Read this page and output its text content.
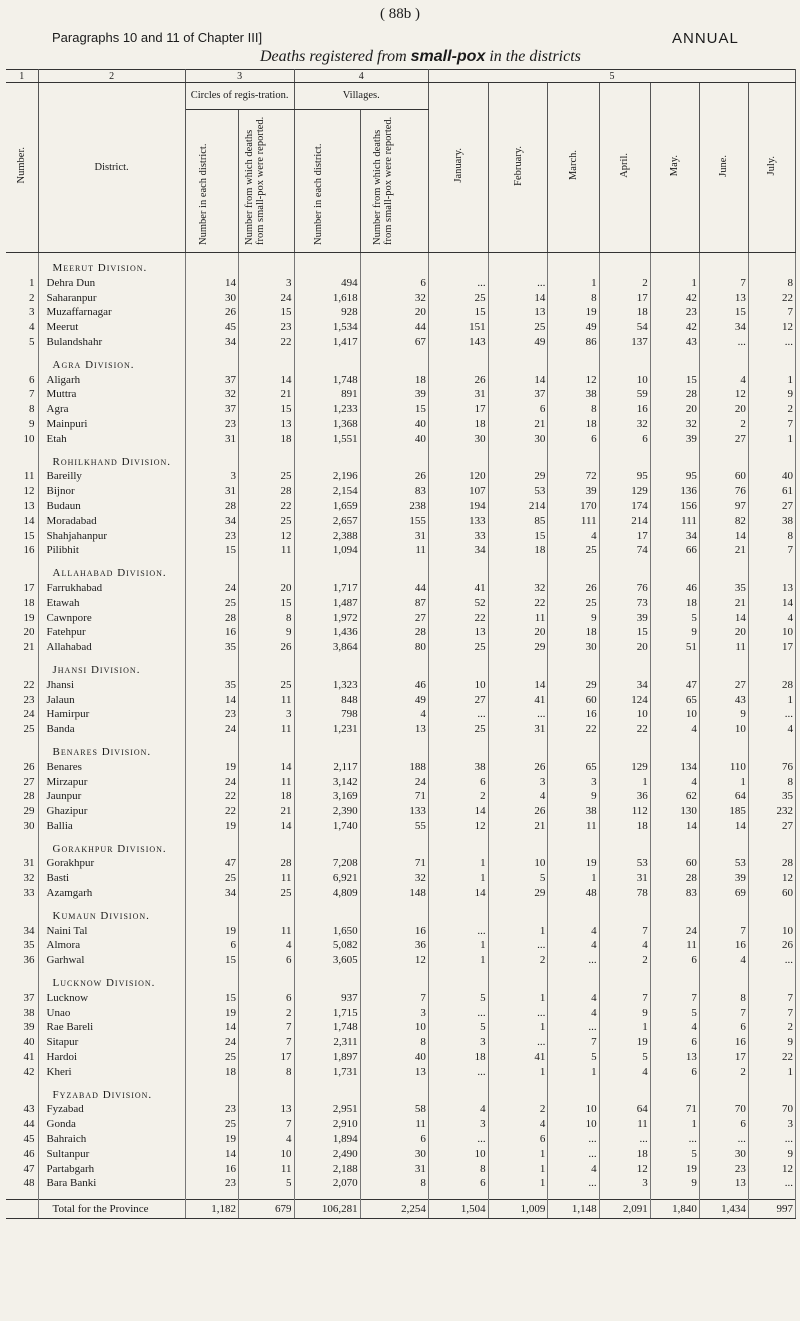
( 88b )
Paragraphs 10 and 11 of Chapter III]	ANNUAL
Deaths registered from small-pox in the districts
1	2	3		4		5						
Number.	District.	Circles of regis-tration.		Villages.		January.	February.	March.	April.	May.	June.	July.
		Number in each district.	Number from which deaths from small-pox were reported.	Number in each district.	Number from which deaths from small-pox were reported.							

	Meerut Division.											
1	Dehra Dun	14	3	494	6	...	...	1	2	1	7	8
2	Saharanpur	30	24	1,618	32	25	14	8	17	42	13	22
3	Muzaffarnagar	26	15	928	20	15	13	19	18	23	15	7
4	Meerut	45	23	1,534	44	151	25	49	54	42	34	12
5	Bulandshahr	34	22	1,417	67	143	49	86	137	43	...	...

	Agra Division.											
6	Aligarh	37	14	1,748	18	26	14	12	10	15	4	1
7	Muttra	32	21	891	39	31	37	38	59	28	12	9
8	Agra	37	15	1,233	15	17	6	8	16	20	20	2
9	Mainpuri	23	13	1,368	40	18	21	18	32	32	2	7
10	Etah	31	18	1,551	40	30	30	6	6	39	27	1

	Rohilkhand Division.											
11	Bareilly	3	25	2,196	26	120	29	72	95	95	60	40
12	Bijnor	31	28	2,154	83	107	53	39	129	136	76	61
13	Budaun	28	22	1,659	238	194	214	170	174	156	97	27
14	Moradabad	34	25	2,657	155	133	85	111	214	111	82	38
15	Shahjahanpur	23	12	2,388	31	33	15	4	17	34	14	8
16	Pilibhit	15	11	1,094	11	34	18	25	74	66	21	7

	Allahabad Division.											
17	Farrukhabad	24	20	1,717	44	41	32	26	76	46	35	13
18	Etawah	25	15	1,487	87	52	22	25	73	18	21	14
19	Cawnpore	28	8	1,972	27	22	11	9	39	5	14	4
20	Fatehpur	16	9	1,436	28	13	20	18	15	9	20	10
21	Allahabad	35	26	3,864	80	25	29	30	20	51	11	17

	Jhansi Division.											
22	Jhansi	35	25	1,323	46	10	14	29	34	47	27	28
23	Jalaun	14	11	848	49	27	41	60	124	65	43	1
24	Hamirpur	23	3	798	4	...	...	16	10	10	9	...
25	Banda	24	11	1,231	13	25	31	22	22	4	10	4

	Benares Division.											
26	Benares	19	14	2,117	188	38	26	65	129	134	110	76
27	Mirzapur	24	11	3,142	24	6	3	3	1	4	1	8
28	Jaunpur	22	18	3,169	71	2	4	9	36	62	64	35
29	Ghazipur	22	21	2,390	133	14	26	38	112	130	185	232
30	Ballia	19	14	1,740	55	12	21	11	18	14	14	27

	Gorakhpur Division.											
31	Gorakhpur	47	28	7,208	71	1	10	19	53	60	53	28
32	Basti	25	11	6,921	32	1	5	1	31	28	39	12
33	Azamgarh	34	25	4,809	148	14	29	48	78	83	69	60

	Kumaun Division.											
34	Naini Tal	19	11	1,650	16	...	1	4	7	24	7	10
35	Almora	6	4	5,082	36	1	...	4	4	11	16	26
36	Garhwal	15	6	3,605	12	1	2	...	2	6	4	...

	Lucknow Division.											
37	Lucknow	15	6	937	7	5	1	4	7	7	8	7
38	Unao	19	2	1,715	3	...	...	4	9	5	7	7
39	Rae Bareli	14	7	1,748	10	5	1	...	1	4	6	2
40	Sitapur	24	7	2,311	8	3	...	7	19	6	16	9
41	Hardoi	25	17	1,897	40	18	41	5	5	13	17	22
42	Kheri	18	8	1,731	13	...	1	1	4	6	2	1

	Fyzabad Division.											
43	Fyzabad	23	13	2,951	58	4	2	10	64	71	70	70
44	Gonda	25	7	2,910	11	3	4	10	11	1	6	3
45	Bahraich	19	4	1,894	6	...	6	...	...	...	...	...
46	Sultanpur	14	10	2,490	30	10	1	...	18	5	30	9
47	Partabgarh	16	11	2,188	31	8	1	4	12	19	23	12
48	Bara Banki	23	5	2,070	8	6	1	...	3	9	13	...

	Total for the Province	1,182	679	106,281	2,254	1,504	1,009	1,148	2,091	1,840	1,434	997
